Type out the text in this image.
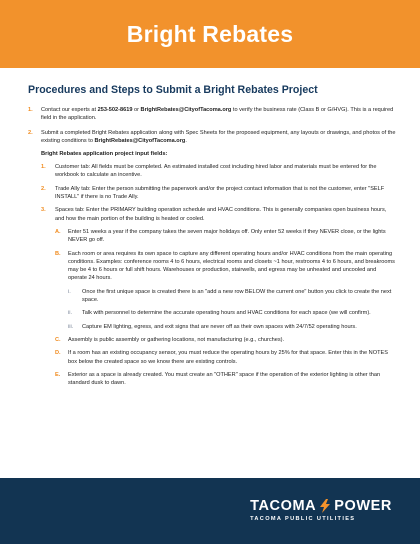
Bright Rebates
Procedures and Steps to Submit a Bright Rebates Project
1.	Contact our experts at 253-502-8619 or BrightRebates@CityofTacoma.org to verify the business rate (Class B or G/HVG). This is a required field in the application.
2.	Submit a completed Bright Rebates application along with Spec Sheets for the proposed equipment, any layouts or drawings, and photos of the existing conditions to BrightRebates@CityofTacoma.org.
Bright Rebates application project input fields:
1.	Customer tab: All fields must be completed. An estimated installed cost including hired labor and materials must be entered for the workbook to calculate an incentive.
2.	Trade Ally tab: Enter the person submitting the paperwork and/or the project contact information that is not the customer, enter "SELF INSTALL" if there is no Trade Ally.
3.	Spaces tab: Enter the PRIMARY building operation schedule and HVAC conditions. This is generally companies open business hours, and how the main portion of the building is heated or cooled.
A.	Enter 51 weeks a year if the company takes the seven major holidays off. Only enter 52 weeks if they NEVER close, or the lights NEVER go off.
B.	Each room or area requires its own space to capture any different operating hours and/or HVAC conditions from the main operating conditions. Examples: conference rooms 4 to 6 hours, electrical rooms and closets ~1 hour, restrooms 4 to 6 hours, and breakrooms may be 4 to 6 hours or full shift hours. Warehouses or production, stairwells, and egress may be unheated and uncooled and operate 24 hours.
i.	Once the first unique space is created there is an "add a new row BELOW the current one" button you click to create the next space.
ii.	Talk with personnel to determine the accurate operating hours and HVAC conditions for each space (we will confirm).
iii.	Capture EM lighting, egress, and exit signs that are never off as their own spaces with 24/7/52 operating hours.
C.	Assembly is public assembly or gathering locations, not manufacturing (e.g., churches).
D.	If a room has an existing occupancy sensor, you must reduce the operating hours by 25% for that space. Enter this in the NOTES box below the created space so we know there are existing controls.
E.	Exterior as a space is already created. You must create an "OTHER" space if the operation of the exterior lighting is other than standard dusk to dawn.
TACOMA POWER
TACOMA PUBLIC UTILITIES
